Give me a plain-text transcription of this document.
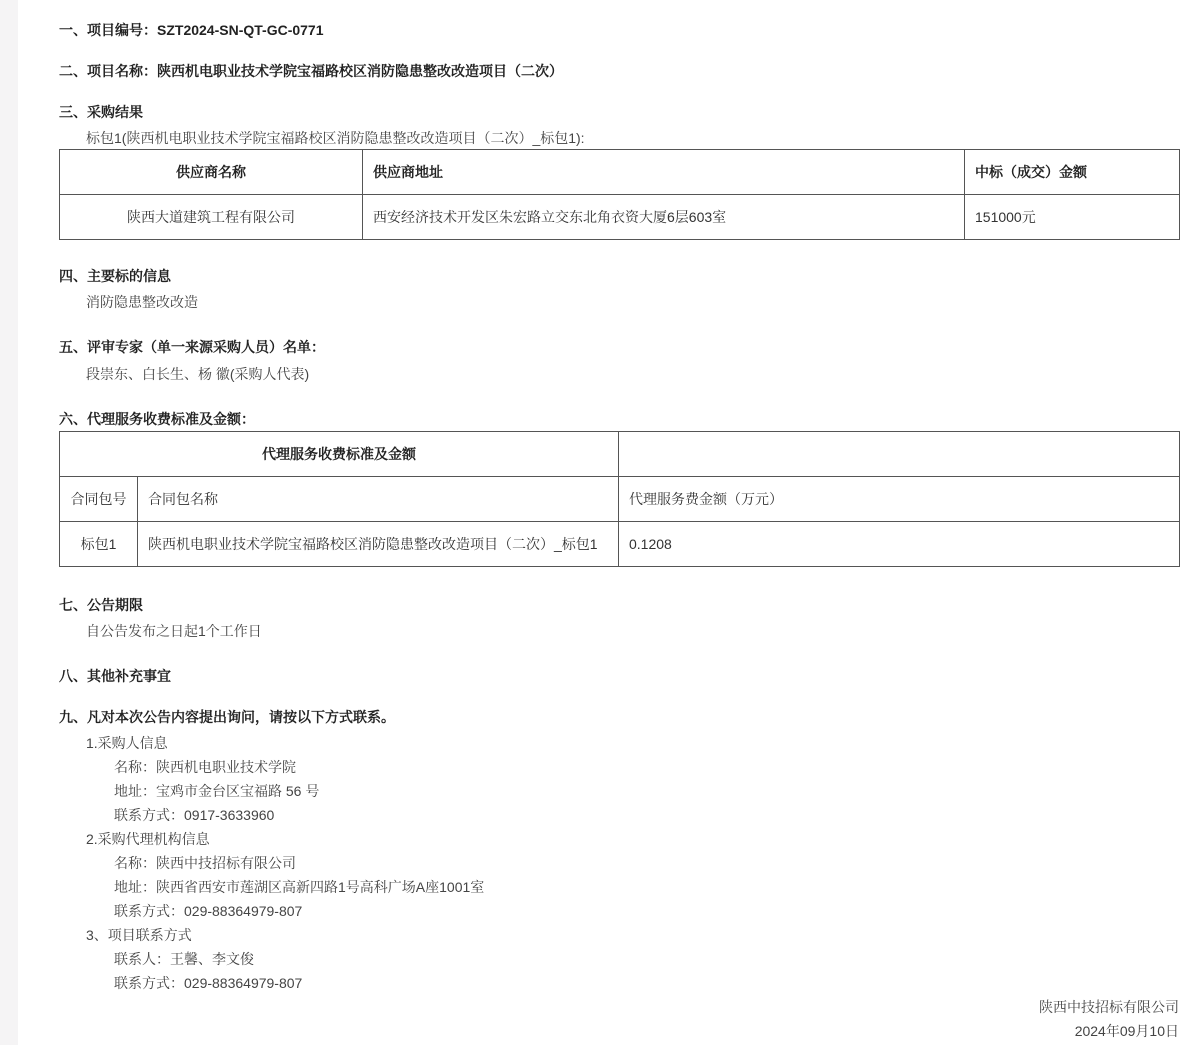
一、项目编号：SZT2024-SN-QT-GC-0771
二、项目名称：陕西机电职业技术学院宝福路校区消防隐患整改改造项目（二次）
三、采购结果
标包1(陕西机电职业技术学院宝福路校区消防隐患整改改造项目（二次）_标包1):
供应商名称	供应商地址	中标（成交）金额
陕西大道建筑工程有限公司	西安经济技术开发区朱宏路立交东北角衣资大厦6层603室	151000元
四、主要标的信息
消防隐患整改改造
五、评审专家（单一来源采购人员）名单：
段崇东、白长生、杨 徽(采购人代表)
六、代理服务收费标准及金额：
代理服务收费标准及金额		
合同包号	合同包名称	代理服务费金额（万元）
标包1	陕西机电职业技术学院宝福路校区消防隐患整改改造项目（二次）_标包1	0.1208
七、公告期限
自公告发布之日起1个工作日
八、其他补充事宜
九、凡对本次公告内容提出询问，请按以下方式联系。
1.采购人信息
名称：陕西机电职业技术学院
地址：宝鸡市金台区宝福路 56 号
联系方式：0917-3633960
2.采购代理机构信息
名称：陕西中技招标有限公司
地址：陕西省西安市莲湖区高新四路1号高科广场A座1001室
联系方式：029-88364979-807
3、项目联系方式
联系人：王馨、李文俊
联系方式：029-88364979-807
陕西中技招标有限公司
2024年09月10日
